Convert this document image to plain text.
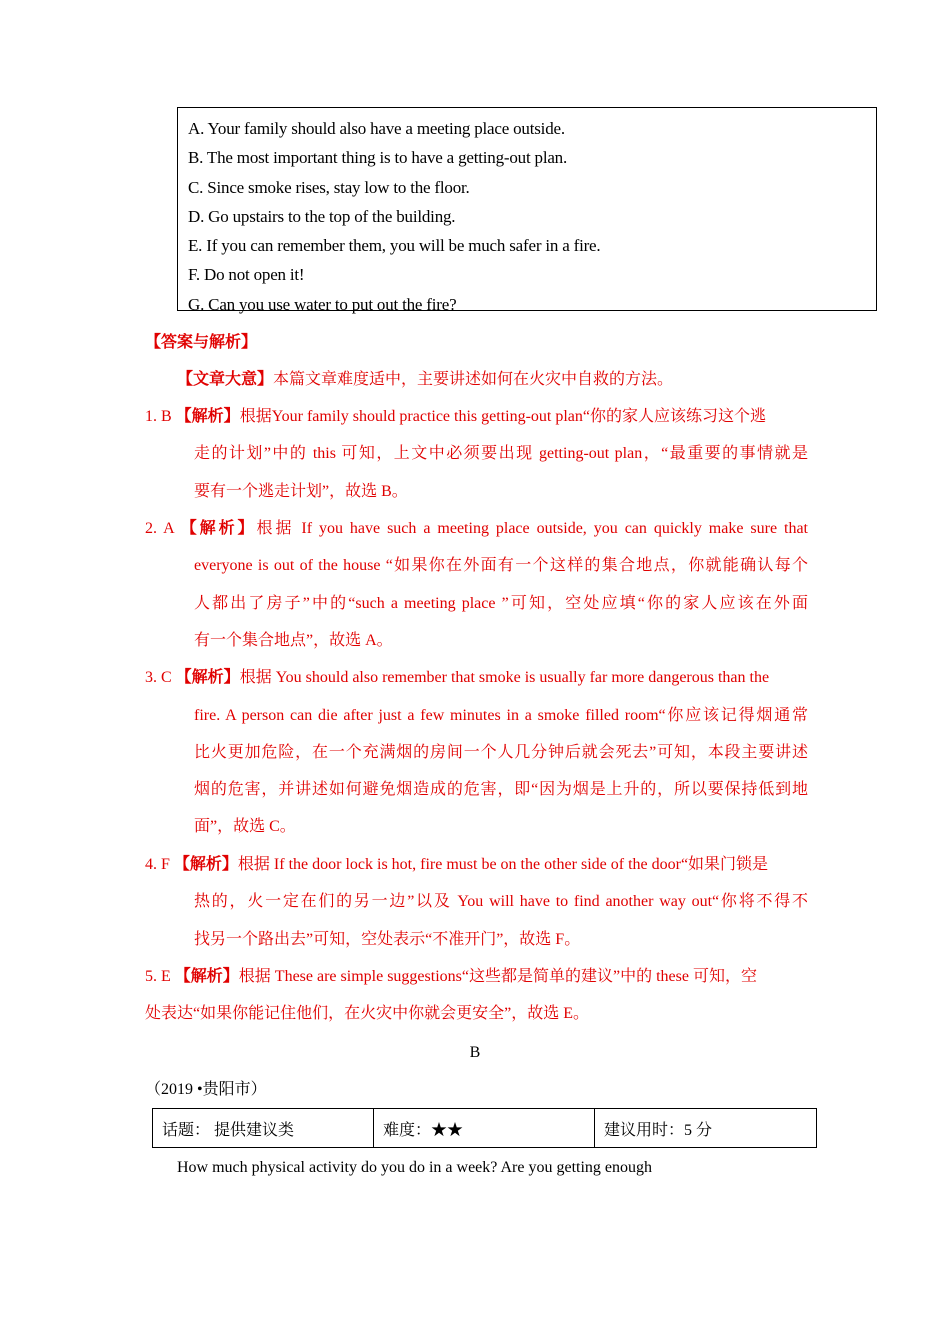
A. Your family should also have a meeting place outside.
B. The most important thing is to have a getting-out plan.
C. Since smoke rises, stay low to the floor.
D. Go upstairs to the top of the building.
E. If you can remember them, you will be much safer in a fire.
F. Do not open it!
G. Can you use water to put out the fire?
【答案与解析】
【文章大意】本篇文章难度适中，主要讲述如何在火灾中自救的方法。
1. B 【解析】根据Your family should practice this getting-out plan“你的家人应该练习这个逃
走的计划”中的 this 可知，上文中必须要出现 getting-out plan，“最重要的事情就是
要有一个逃走计划”，故选 B。
2. A 【解析】根据 If you have such a meeting place outside, you can quickly make sure that
everyone is out of the house “如果你在外面有一个这样的集合地点，你就能确认每个
人都出了房子”中的“such a meeting place ”可知，空处应填“你的家人应该在外面
有一个集合地点”，故选 A。
3. C 【解析】根据 You should also remember that smoke is usually far more dangerous than the
fire. A person can die after just a few minutes in a smoke filled room“你应该记得烟通常
比火更加危险，在一个充满烟的房间一个人几分钟后就会死去”可知，本段主要讲述
烟的危害，并讲述如何避免烟造成的危害，即“因为烟是上升的，所以要保持低到地
面”，故选 C。
4. F 【解析】根据 If the door lock is hot, fire must be on the other side of the door“如果门锁是
热的，火一定在们的另一边”以及 You will have to find another way out“你将不得不
找另一个路出去”可知，空处表示“不准开门”，故选 F。
5. E 【解析】根据 These are simple suggestions“这些都是简单的建议”中的 these 可知，空
处表达“如果你能记住他们，在火灾中你就会更安全”，故选 E。
B
（2019 •贵阳市）
话题： 提供建议类	难度：★★	建议用时：5 分
How much physical activity do you do in a week? Are you getting enough
